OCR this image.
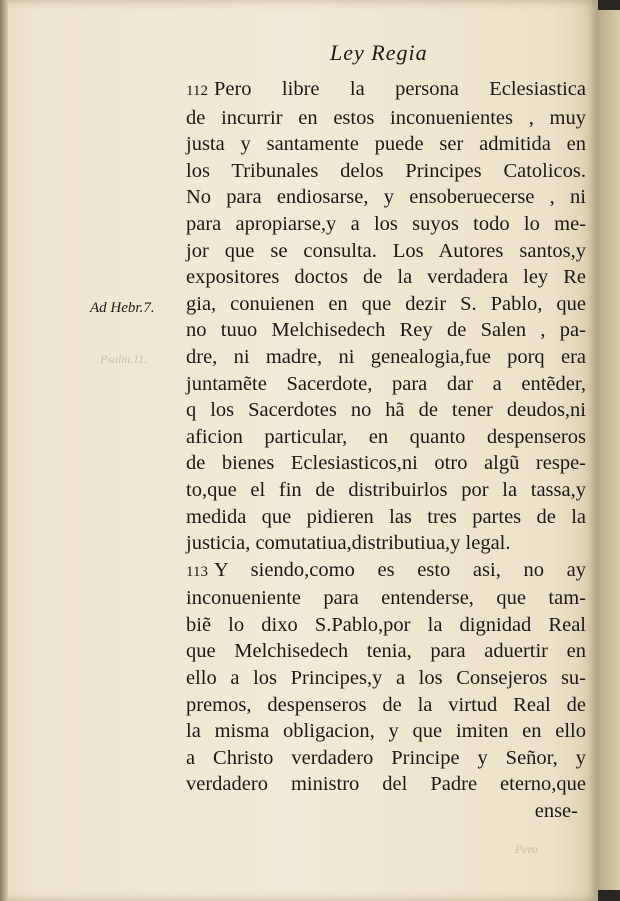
Ley Regia
Ad Hebr.7.
Psalm.11.
Pero
112 Pero libre la persona Eclesiastica
de incurrir en estos inconuenientes , muy
justa y santamente puede ser admitida en
los Tribunales delos Principes Catolicos.
No para endiosarse, y ensoberuecerse , ni
para apropiarse,y a los suyos todo lo me-
jor que se consulta. Los Autores santos,y
expositores doctos de la verdadera ley Re
gia, conuienen en que dezir S. Pablo, que
no tuuo Melchisedech Rey de Salen , pa-
dre, ni madre, ni genealogia,fue porq era
juntamẽte Sacerdote, para dar a entẽder,
q los Sacerdotes no hã de tener deudos,ni
aficion particular, en quanto despenseros
de bienes Eclesiasticos,ni otro algũ respe-
to,que el fin de distribuirlos por la tassa,y
medida que pidieren las tres partes de la
justicia, comutatiua,distributiua,y legal.
113 Y siendo,como es esto asi, no ay
inconueniente para entenderse, que tam-
biẽ lo dixo S.Pablo,por la dignidad Real
que Melchisedech tenia, para aduertir en
ello a los Principes,y a los Consejeros su-
premos, despenseros de la virtud Real de
la misma obligacion, y que imiten en ello
a Christo verdadero Principe y Señor, y
verdadero ministro del Padre eterno,que
ense-
